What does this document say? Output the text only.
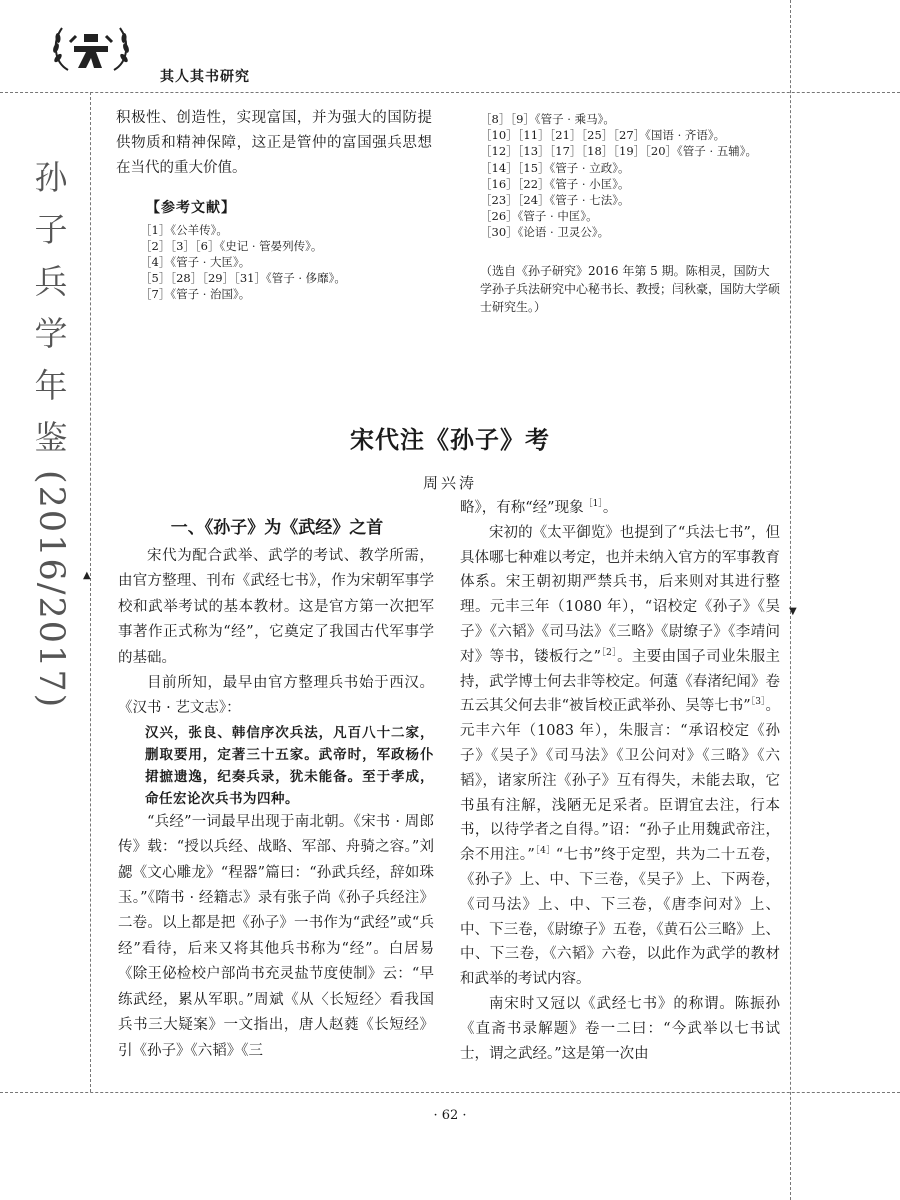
其人其书研究
孙
子
兵
学
年
鉴
(2016/2017)	▲
▼
积极性、创造性，实现富国，并为强大的国防提供物质和精神保障，这正是管仲的富国强兵思想在当代的重大价值。
【参考文献】
［1］《公羊传》。
［2］［3］［6］《史记 · 管晏列传》。
［4］《管子 · 大匡》。
［5］［28］［29］［31］《管子 · 侈靡》。
［7］《管子 · 治国》。
［8］［9］《管子 · 乘马》。
［10］［11］［21］［25］［27］《国语 · 齐语》。
［12］［13］［17］［18］［19］［20］《管子 · 五辅》。
［14］［15］《管子 · 立政》。
［16］［22］《管子 · 小匡》。
［23］［24］《管子 · 七法》。
［26］《管子 · 中匡》。
［30］《论语 · 卫灵公》。
（选自《孙子研究》2016 年第 5 期。陈相灵，国防大学孙子兵法研究中心秘书长、教授；闫秋豪，国防大学硕士研究生。）
宋代注《孙子》考
周兴涛
一、《孙子》为《武经》之首

宋代为配合武举、武学的考试、教学所需，由官方整理、刊布《武经七书》，作为宋朝军事学校和武举考试的基本教材。这是官方第一次把军事著作正式称为“经”，它奠定了我国古代军事学的基础。

目前所知，最早由官方整理兵书始于西汉。《汉书 · 艺文志》：

汉兴，张良、韩信序次兵法，凡百八十二家，删取要用，定著三十五家。武帝时，军政杨仆捃摭遗逸，纪奏兵录，犹未能备。至于孝成，命任宏论次兵书为四种。

“兵经”一词最早出现于南北朝。《宋书 · 周郎传》载：“授以兵经、战略、军部、舟骑之容。”刘勰《文心雕龙》“程器”篇曰：“孙武兵经，辞如珠玉。”《隋书 · 经籍志》录有张子尚《孙子兵经注》二卷。以上都是把《孙子》一书作为“武经”或“兵经”看待，后来又将其他兵书称为“经”。白居易《除王佖检校户部尚书充灵盐节度使制》云：“早练武经，累从军职。”周斌《从〈长短经〉看我国兵书三大疑案》一文指出，唐人赵蕤《长短经》引《孙子》《六韬》《三

略》，有称“经”现象$^{[1]}$。

宋初的《太平御览》也提到了“兵法七书”，但具体哪七种难以考定，也并未纳入官方的军事教育体系。宋王朝初期严禁兵书，后来则对其进行整理。元丰三年（1080 年），“诏校定《孙子》《吴子》《六韬》《司马法》《三略》《尉缭子》《李靖问对》等书，镂板行之”$^{[2]}$。主要由国子司业朱服主持，武学博士何去非等校定。何薳《春渚纪闻》卷五云其父何去非“被旨校正武举孙、吴等七书”$^{[3]}$。元丰六年（1083 年），朱服言：“承诏校定《孙子》《吴子》《司马法》《卫公问对》《三略》《六韬》，诸家所注《孙子》互有得失，未能去取，它书虽有注解，浅陋无足采者。臣谓宜去注，行本书，以待学者之自得。”诏：“孙子止用魏武帝注，余不用注。”$^{[4]}$“七书”终于定型，共为二十五卷，《孙子》上、中、下三卷，《吴子》上、下两卷，《司马法》上、中、下三卷，《唐李问对》上、中、下三卷，《尉缭子》五卷，《黄石公三略》上、中、下三卷，《六韬》六卷，以此作为武学的教材和武举的考试内容。

南宋时又冠以《武经七书》的称谓。陈振孙《直斋书录解题》卷一二曰：“今武举以七书试士，谓之武经。”这是第一次由

· 62 ·
